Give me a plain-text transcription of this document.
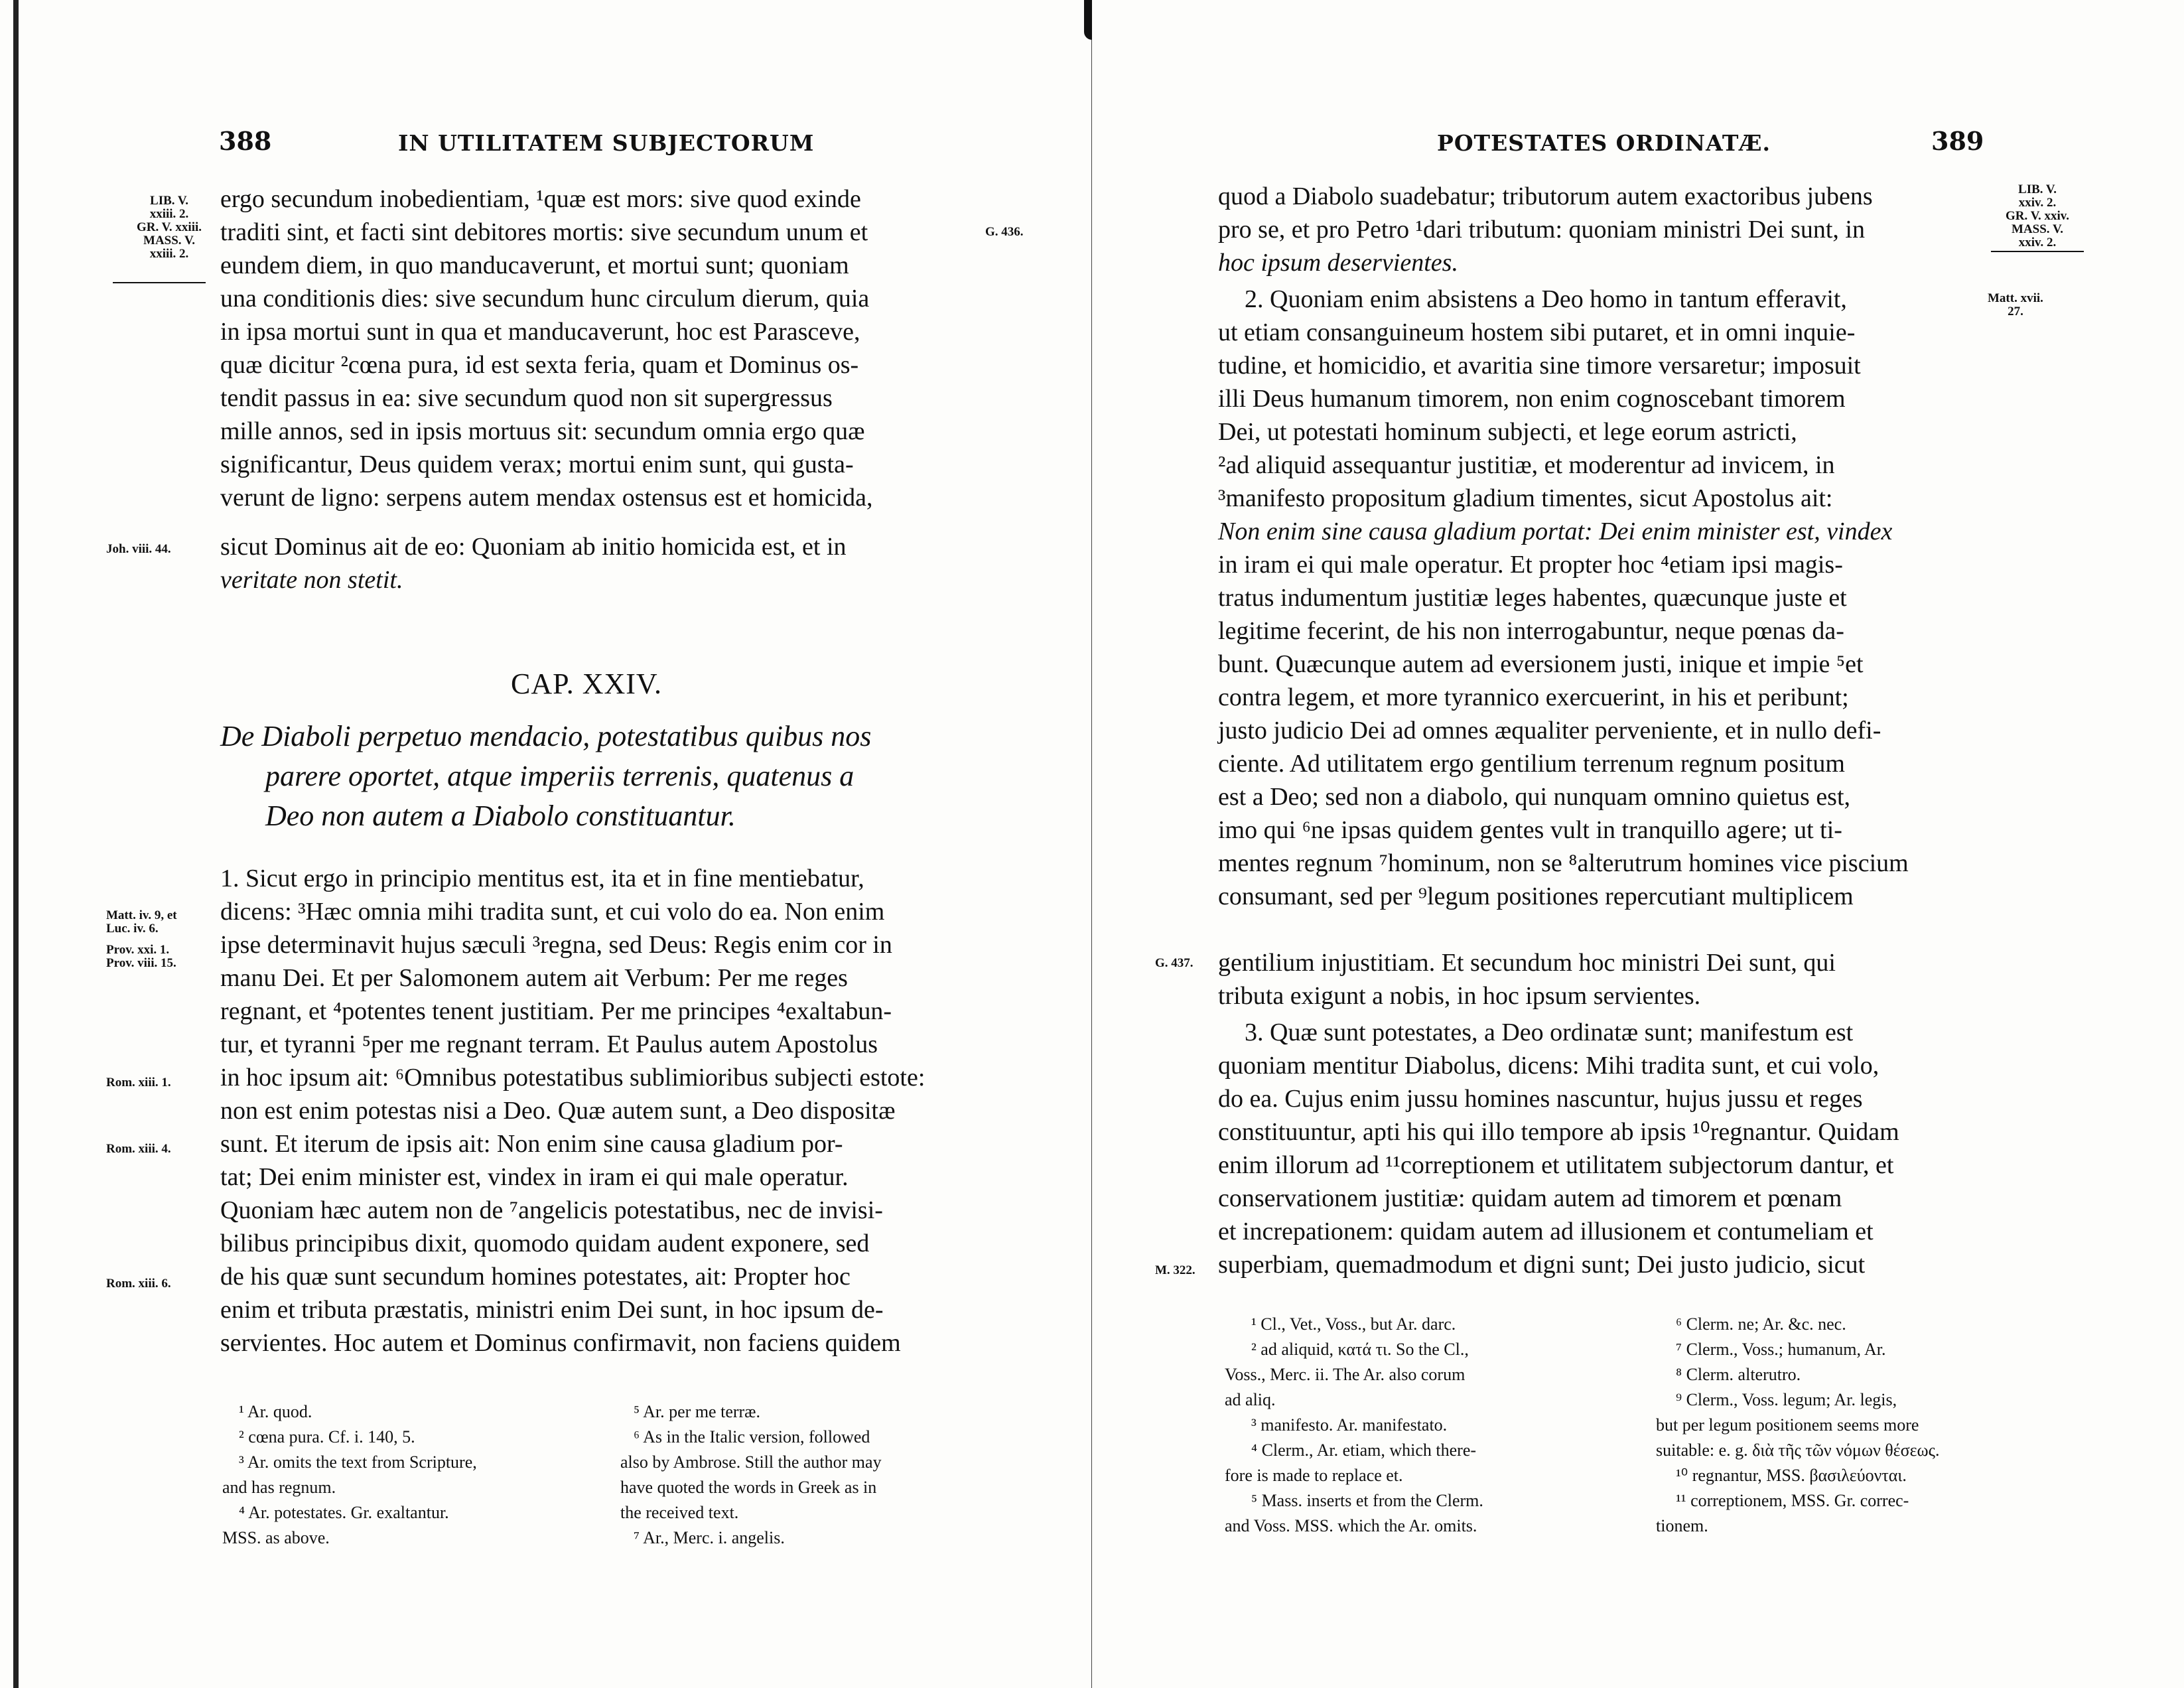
388	IN UTILITATEM SUBJECTORUM
LIB. V.
xxiii. 2.
GR. V. xxiii.
MASS. V.
xxiii. 2.
G. 436.
Joh. viii. 44.
Matt. iv. 9, et
Luc. iv. 6.
Prov. xxi. 1.
Prov. viii. 15.
Rom. xiii. 1.
Rom. xiii. 4.
Rom. xiii. 6.
ergo secundum inobedientiam, ¹quæ est mors: sive quod exinde
traditi sint, et facti sint debitores mortis: sive secundum unum et
eundem diem, in quo manducaverunt, et mortui sunt; quoniam
una conditionis dies: sive secundum hunc circulum dierum, quia
in ipsa mortui sunt in qua et manducaverunt, hoc est Parasceve,
quæ dicitur ²cœna pura, id est sexta feria, quam et Dominus os-
tendit passus in ea: sive secundum quod non sit supergressus
mille annos, sed in ipsis mortuus sit: secundum omnia ergo quæ
significantur, Deus quidem verax; mortui enim sunt, qui gusta-
verunt de ligno: serpens autem mendax ostensus est et homicida,
sicut Dominus ait de eo: Quoniam ab initio homicida est, et in
veritate non stetit.
CAP. XXIV.
De Diaboli perpetuo mendacio, potestatibus quibus nos
parere oportet, atque imperiis terrenis, quatenus a
Deo non autem a Diabolo constituantur.
1. Sicut ergo in principio mentitus est, ita et in fine mentiebatur,
dicens: ³Hæc omnia mihi tradita sunt, et cui volo do ea. Non enim
ipse determinavit hujus sæculi ³regna, sed Deus: Regis enim cor in
manu Dei. Et per Salomonem autem ait Verbum: Per me reges
regnant, et ⁴potentes tenent justitiam. Per me principes ⁴exaltabun-
tur, et tyranni ⁵per me regnant terram. Et Paulus autem Apostolus
in hoc ipsum ait: ⁶Omnibus potestatibus sublimioribus subjecti estote:
non est enim potestas nisi a Deo. Quæ autem sunt, a Deo dispositæ
sunt. Et iterum de ipsis ait: Non enim sine causa gladium por-
tat; Dei enim minister est, vindex in iram ei qui male operatur.
Quoniam hæc autem non de ⁷angelicis potestatibus, nec de invisi-
bilibus principibus dixit, quomodo quidam audent exponere, sed
de his quæ sunt secundum homines potestates, ait: Propter hoc
enim et tributa præstatis, ministri enim Dei sunt, in hoc ipsum de-
servientes. Hoc autem et Dominus confirmavit, non faciens quidem
¹ Ar. quod.
² cœna pura. Cf. i. 140, 5.
³ Ar. omits the text from Scripture,
and has regnum.
⁴ Ar. potestates. Gr. exaltantur.
MSS. as above.
⁵ Ar. per me terræ.
⁶ As in the Italic version, followed
also by Ambrose. Still the author may
have quoted the words in Greek as in
the received text.
⁷ Ar., Merc. i. angelis.
POTESTATES ORDINATÆ.	389
LIB. V.
xxiv. 2.
GR. V. xxiv.
MASS. V.
xxiv. 2.
Matt. xvii.
27.
G. 437.
M. 322.
quod a Diabolo suadebatur; tributorum autem exactoribus jubens
pro se, et pro Petro ¹dari tributum: quoniam ministri Dei sunt, in
hoc ipsum deservientes.
2. Quoniam enim absistens a Deo homo in tantum efferavit,
ut etiam consanguineum hostem sibi putaret, et in omni inquie-
tudine, et homicidio, et avaritia sine timore versaretur; imposuit
illi Deus humanum timorem, non enim cognoscebant timorem
Dei, ut potestati hominum subjecti, et lege eorum astricti,
²ad aliquid assequantur justitiæ, et moderentur ad invicem, in
³manifesto propositum gladium timentes, sicut Apostolus ait:
Non enim sine causa gladium portat: Dei enim minister est, vindex
in iram ei qui male operatur. Et propter hoc ⁴etiam ipsi magis-
tratus indumentum justitiæ leges habentes, quæcunque juste et
legitime fecerint, de his non interrogabuntur, neque pœnas da-
bunt. Quæcunque autem ad eversionem justi, inique et impie ⁵et
contra legem, et more tyrannico exercuerint, in his et peribunt;
justo judicio Dei ad omnes æqualiter perveniente, et in nullo defi-
ciente. Ad utilitatem ergo gentilium terrenum regnum positum
est a Deo; sed non a diabolo, qui nunquam omnino quietus est,
imo qui ⁶ne ipsas quidem gentes vult in tranquillo agere; ut ti-
mentes regnum ⁷hominum, non se ⁸alterutrum homines vice piscium
consumant, sed per ⁹legum positiones repercutiant multiplicem
gentilium injustitiam. Et secundum hoc ministri Dei sunt, qui
tributa exigunt a nobis, in hoc ipsum servientes.
3. Quæ sunt potestates, a Deo ordinatæ sunt; manifestum est
quoniam mentitur Diabolus, dicens: Mihi tradita sunt, et cui volo,
do ea. Cujus enim jussu homines nascuntur, hujus jussu et reges
constituuntur, apti his qui illo tempore ab ipsis ¹⁰regnantur. Quidam
enim illorum ad ¹¹correptionem et utilitatem subjectorum dantur, et
conservationem justitiæ: quidam autem ad timorem et pœnam
et increpationem: quidam autem ad illusionem et contumeliam et
superbiam, quemadmodum et digni sunt; Dei justo judicio, sicut
¹ Cl., Vet., Voss., but Ar. darc.
² ad aliquid, κατά τι. So the Cl.,
Voss., Merc. ii. The Ar. also corum
ad aliq.
³ manifesto. Ar. manifestato.
⁴ Clerm., Ar. etiam, which there-
fore is made to replace et.
⁵ Mass. inserts et from the Clerm.
and Voss. MSS. which the Ar. omits.
⁶ Clerm. ne; Ar. &c. nec.
⁷ Clerm., Voss.; humanum, Ar.
⁸ Clerm. alterutro.
⁹ Clerm., Voss. legum; Ar. legis,
but per legum positionem seems more
suitable: e. g. διὰ τῆς τῶν νόμων θέσεως.
¹⁰ regnantur, MSS. βασιλεύονται.
¹¹ correptionem, MSS. Gr. correc-
tionem.
